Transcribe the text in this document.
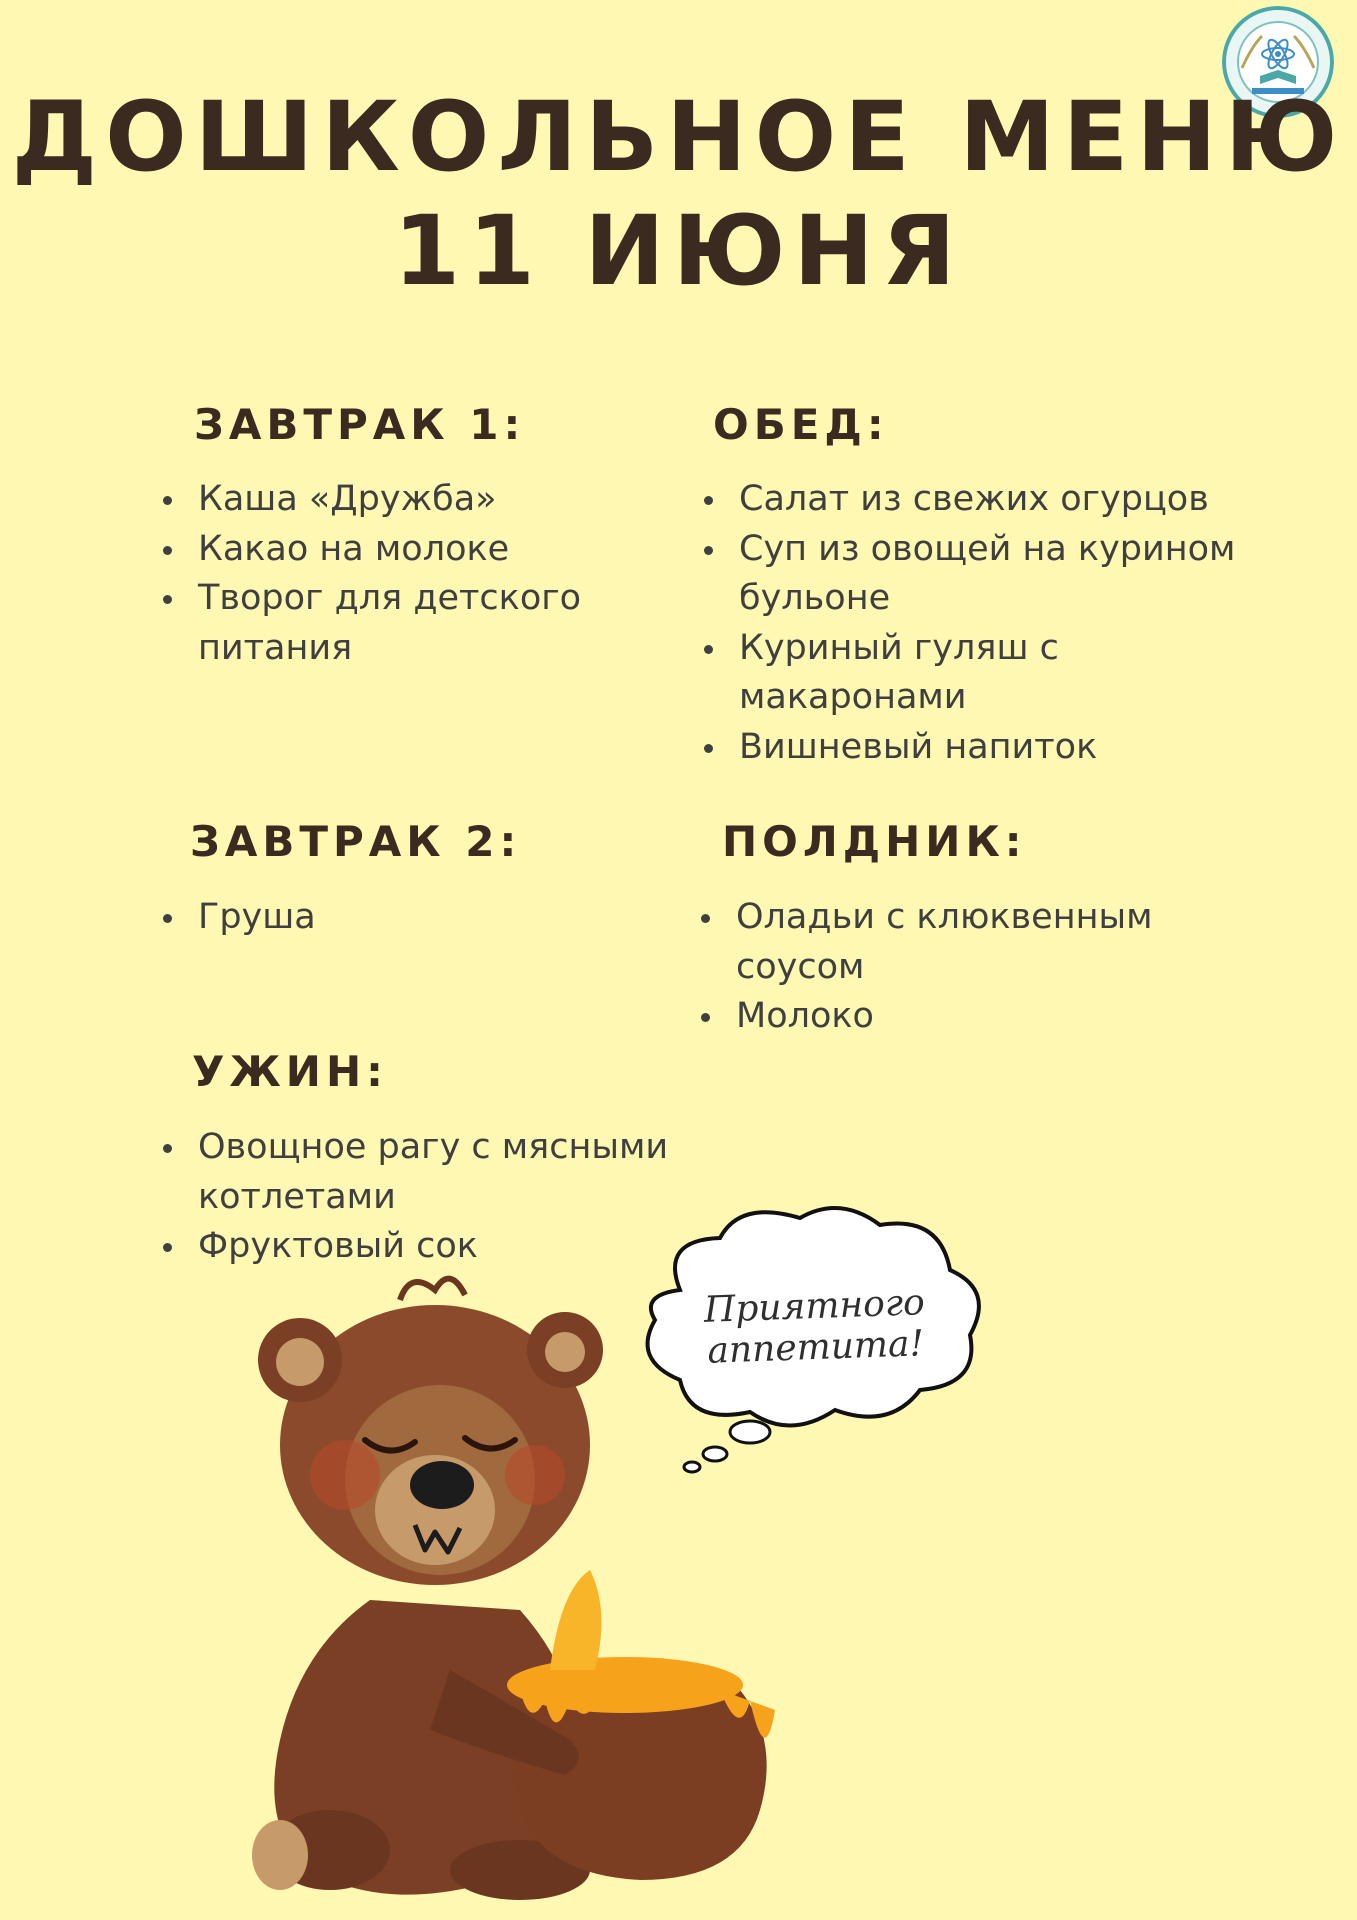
ДОШКОЛЬНОЕ МЕНЮ
11 ИЮНЯ
ЗАВТРАК 1:
Каша «Дружба»
Какао на молоке
Творог для детского питания
ОБЕД:
Салат из свежих огурцов
Суп из овощей на курином бульоне
Куриный гуляш с макаронами
Вишневый напиток
ЗАВТРАК 2:
Груша
ПОЛДНИК:
Оладьи с клюквенным соусом
Молоко
УЖИН:
Овощное рагу с мясными котлетами
Фруктовый сок
Приятного аппетита!
